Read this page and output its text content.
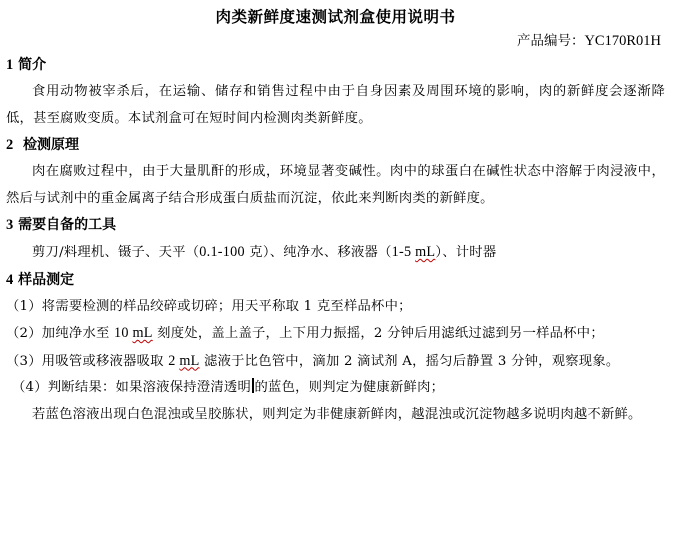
肉类新鲜度速测试剂盒使用说明书
产品编号：YC170R01H
1 简介
食用动物被宰杀后，在运输、储存和销售过程中由于自身因素及周围环境的影响，肉的新鲜度会逐渐降低，甚至腐败变质。本试剂盒可在短时间内检测肉类新鲜度。
2 检测原理
肉在腐败过程中，由于大量肌酐的形成，环境显著变碱性。肉中的球蛋白在碱性状态中溶解于肉浸液中，然后与试剂中的重金属离子结合形成蛋白质盐而沉淀，依此来判断肉类的新鲜度。
3 需要自备的工具
剪刀/料理机、镊子、天平（0.1-100 克）、纯净水、移液器（1-5 mL）、计时器
4 样品测定
（1）将需要检测的样品绞碎或切碎；用天平称取 1 克至样品杯中；
（2）加纯净水至 10 mL 刻度处，盖上盖子，上下用力振摇，2 分钟后用滤纸过滤到另一样品杯中；
（3）用吸管或移液器吸取 2 mL 滤液于比色管中，滴加 2 滴试剂 A，摇匀后静置 3 分钟，观察现象。
（4）判断结果：如果溶液保持澄清透明 的蓝色，则判定为健康新鲜肉；
若蓝色溶液出现白色混浊或呈胶胨状，则判定为非健康新鲜肉，越混浊或沉淀物越多说明肉越不新鲜。
